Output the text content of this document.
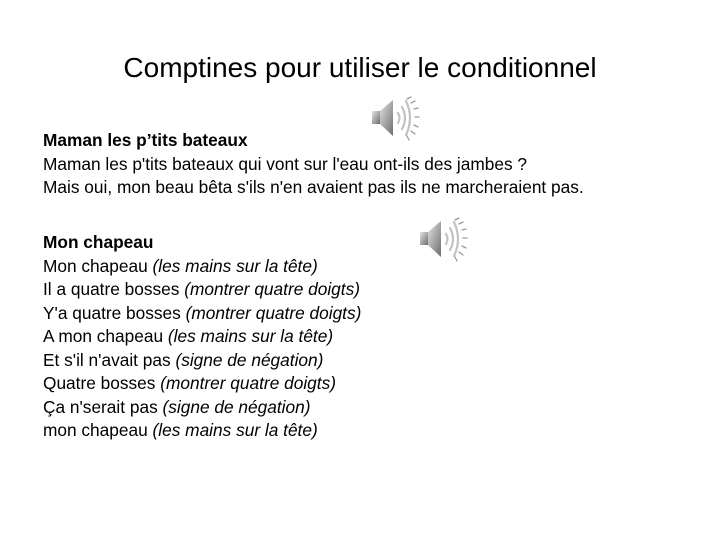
Comptines pour utiliser le conditionnel
Maman les p’tits bateaux
Maman les p'tits bateaux qui vont sur l'eau ont-ils des jambes ?
Mais oui, mon beau bêta s'ils n'en avaient pas ils ne marcheraient pas.
Mon chapeau
Mon chapeau (les mains sur la tête)
Il a quatre bosses (montrer quatre doigts)
Y'a quatre bosses (montrer quatre doigts)
A mon chapeau (les mains sur la tête)
Et s'il n'avait pas (signe de négation)
Quatre bosses (montrer quatre doigts)
Ça n'serait pas (signe de négation)
mon chapeau (les mains sur la tête)
